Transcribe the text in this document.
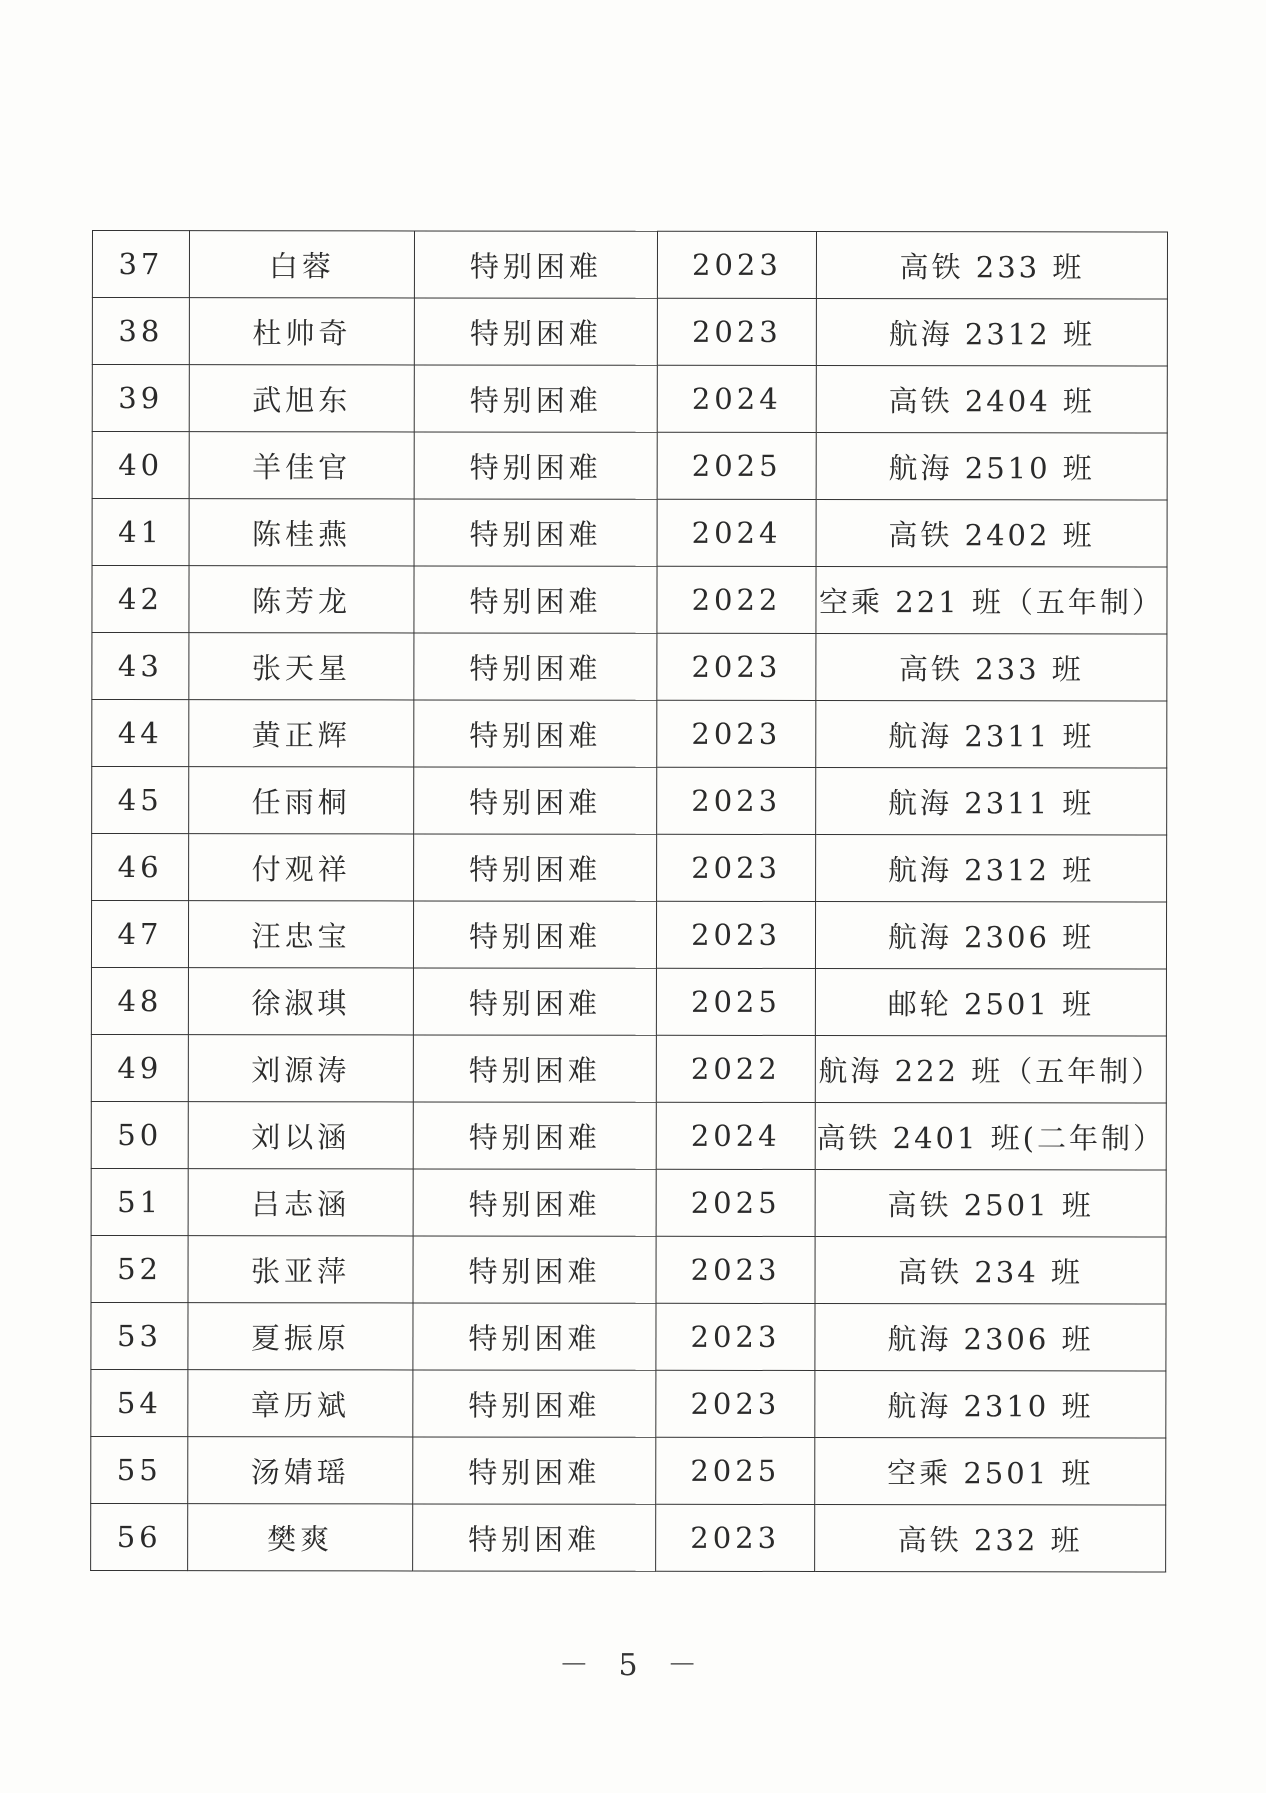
37	白蓉	特别困难	2023	高铁 233 班
38	杜帅奇	特别困难	2023	航海 2312 班
39	武旭东	特别困难	2024	高铁 2404 班
40	羊佳官	特别困难	2025	航海 2510 班
41	陈桂燕	特别困难	2024	高铁 2402 班
42	陈芳龙	特别困难	2022	空乘 221 班（五年制）
43	张天星	特别困难	2023	高铁 233 班
44	黄正辉	特别困难	2023	航海 2311 班
45	任雨桐	特别困难	2023	航海 2311 班
46	付观祥	特别困难	2023	航海 2312 班
47	汪忠宝	特别困难	2023	航海 2306 班
48	徐淑琪	特别困难	2025	邮轮 2501 班
49	刘源涛	特别困难	2022	航海 222 班（五年制）
50	刘以涵	特别困难	2024	高铁 2401 班(二年制）
51	吕志涵	特别困难	2025	高铁 2501 班
52	张亚萍	特别困难	2023	高铁 234 班
53	夏振原	特别困难	2023	航海 2306 班
54	章历斌	特别困难	2023	航海 2310 班
55	汤婧瑶	特别困难	2025	空乘 2501 班
56	樊爽	特别困难	2023	高铁 232 班
－ 5 －
